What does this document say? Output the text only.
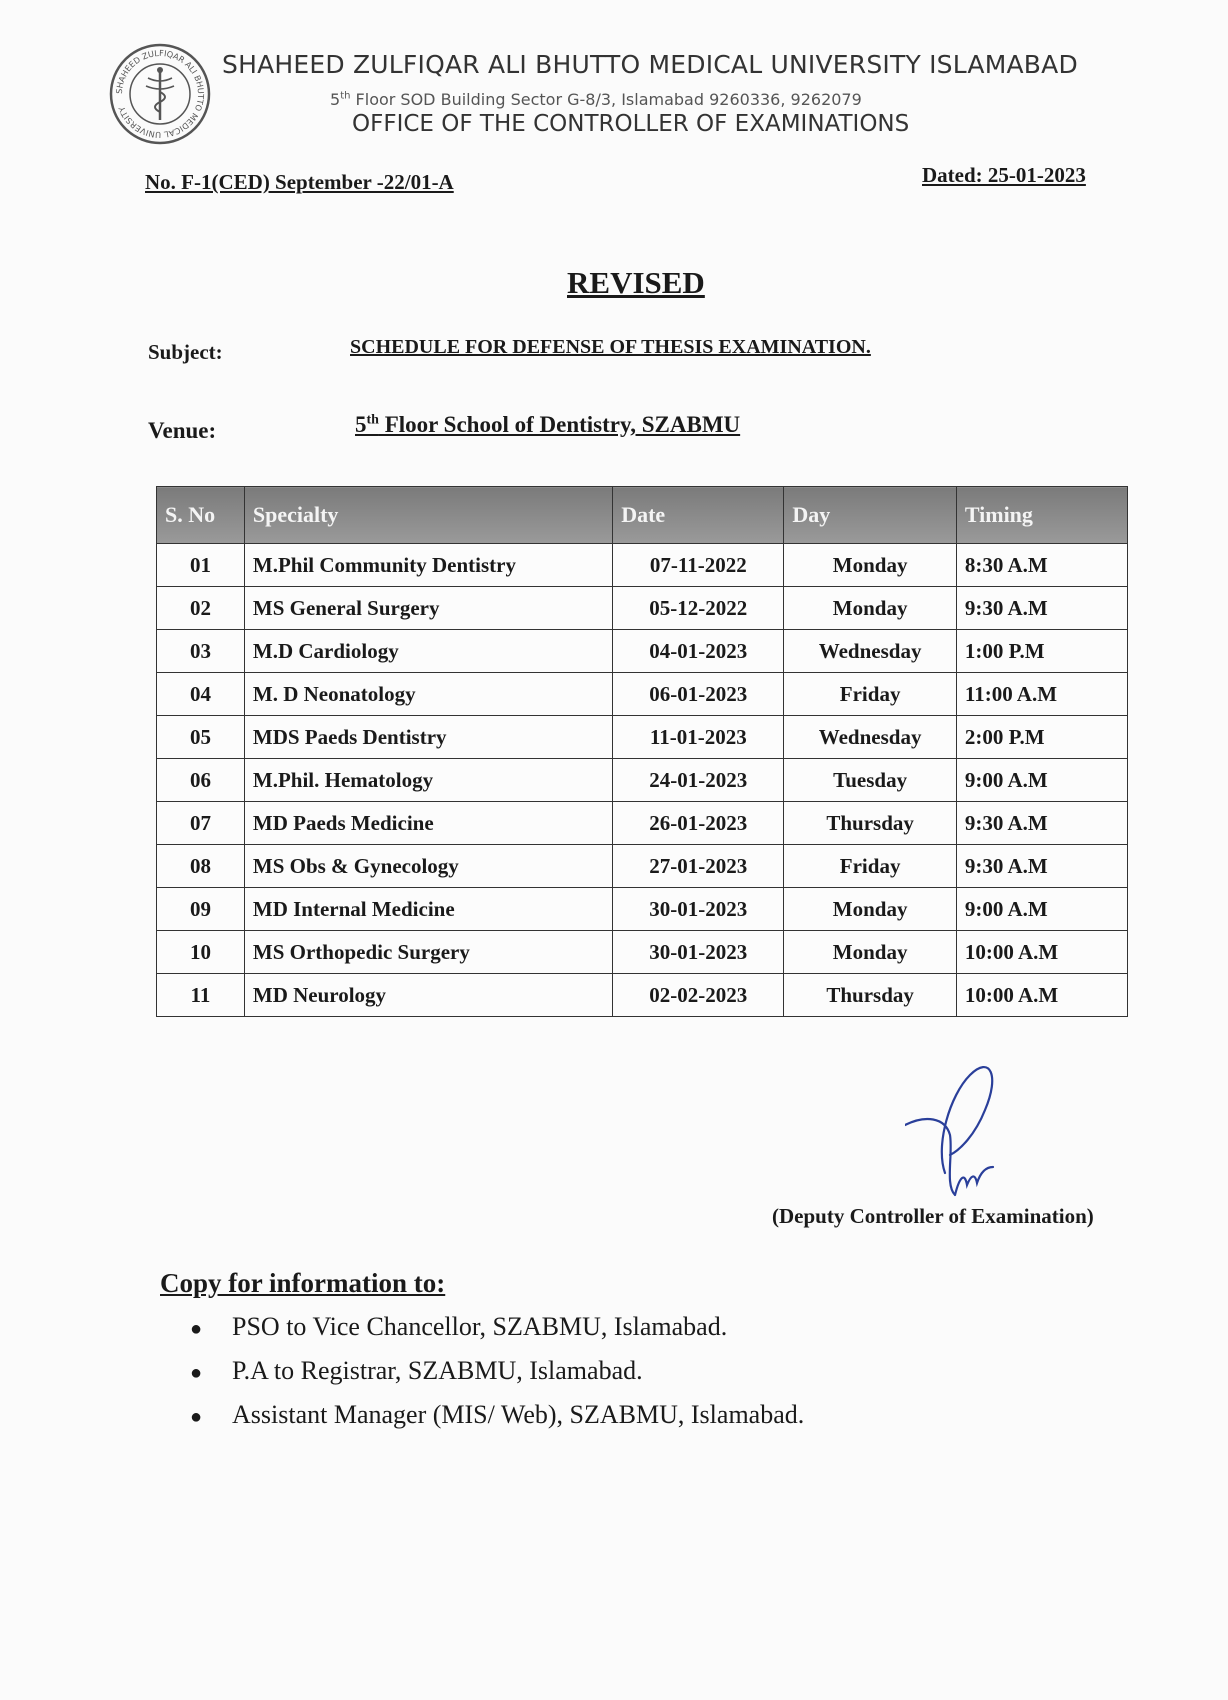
SHAHEED ZULFIQAR ALI BHUTTO MEDICAL UNIVERSITY
SHAHEED ZULFIQAR ALI BHUTTO MEDICAL UNIVERSITY ISLAMABAD
5th Floor SOD Building Sector G-8/3, Islamabad 9260336, 9262079
OFFICE OF THE CONTROLLER OF EXAMINATIONS
No. F-1(CED) September -22/01-A	Dated: 25-01-2023
REVISED
Subject:	SCHEDULE FOR DEFENSE OF THESIS EXAMINATION.
Venue:	5th Floor School of Dentistry, SZABMU
S. No	Specialty	Date	Day	Timing
01	M.Phil Community Dentistry	07-11-2022	Monday	8:30 A.M
02	MS General Surgery	05-12-2022	Monday	9:30 A.M
03	M.D Cardiology	04-01-2023	Wednesday	1:00 P.M
04	M. D Neonatology	06-01-2023	Friday	11:00 A.M
05	MDS Paeds Dentistry	11-01-2023	Wednesday	2:00 P.M
06	M.Phil. Hematology	24-01-2023	Tuesday	9:00 A.M
07	MD Paeds Medicine	26-01-2023	Thursday	9:30 A.M
08	MS Obs & Gynecology	27-01-2023	Friday	9:30 A.M
09	MD Internal Medicine	30-01-2023	Monday	9:00 A.M
10	MS Orthopedic Surgery	30-01-2023	Monday	10:00 A.M
11	MD Neurology	02-02-2023	Thursday	10:00 A.M
(Deputy Controller of Examination)
Copy for information to:
● PSO to Vice Chancellor, SZABMU, Islamabad.
● P.A to Registrar, SZABMU, Islamabad.
● Assistant Manager (MIS/ Web), SZABMU, Islamabad.
